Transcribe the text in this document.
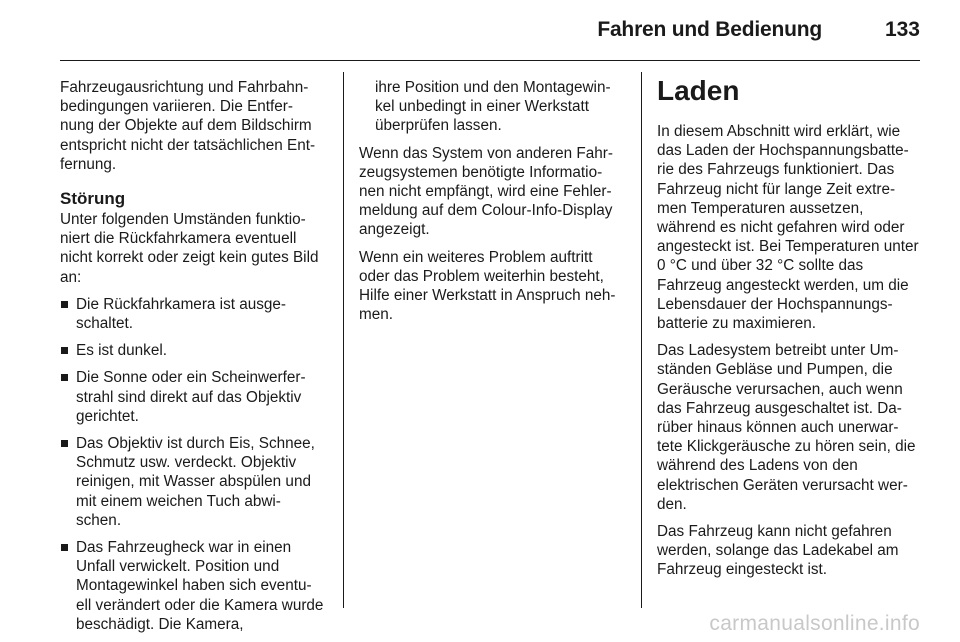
Fahren und Bedienung	133

Fahrzeugausrichtung und Fahrbahn- bedingungen variieren. Die Entfer- nung der Objekte auf dem Bildschirm entspricht nicht der tatsächlichen Ent- fernung.

Störung

Unter folgenden Umständen funktio- niert die Rückfahrkamera eventuell nicht korrekt oder zeigt kein gutes Bild an:

Die Rückfahrkamera ist ausge- schaltet.
Es ist dunkel.
Die Sonne oder ein Scheinwerfer- strahl sind direkt auf das Objektiv gerichtet.
Das Objektiv ist durch Eis, Schnee, Schmutz usw. verdeckt. Objektiv reinigen, mit Wasser abspülen und mit einem weichen Tuch abwi- schen.
Das Fahrzeugheck war in einen Unfall verwickelt. Position und Montagewinkel haben sich eventu- ell verändert oder die Kamera wurde beschädigt. Die Kamera,

ihre Position und den Montagewin- kel unbedingt in einer Werkstatt überprüfen lassen.

Wenn das System von anderen Fahr- zeugsystemen benötigte Informatio- nen nicht empfängt, wird eine Fehler- meldung auf dem Colour-Info-Display angezeigt.

Wenn ein weiteres Problem auftritt oder das Problem weiterhin besteht, Hilfe einer Werkstatt in Anspruch neh- men.

Laden

In diesem Abschnitt wird erklärt, wie das Laden der Hochspannungsbatte- rie des Fahrzeugs funktioniert. Das Fahrzeug nicht für lange Zeit extre- men Temperaturen aussetzen, während es nicht gefahren wird oder angesteckt ist. Bei Temperaturen unter 0 °C und über 32 °C sollte das Fahrzeug angesteckt werden, um die Lebensdauer der Hochspannungs- batterie zu maximieren.

Das Ladesystem betreibt unter Um- ständen Gebläse und Pumpen, die Geräusche verursachen, auch wenn das Fahrzeug ausgeschaltet ist. Da- rüber hinaus können auch unerwar- tete Klickgeräusche zu hören sein, die während des Ladens von den elektrischen Geräten verursacht wer- den.

Das Fahrzeug kann nicht gefahren werden, solange das Ladekabel am Fahrzeug eingesteckt ist.

carmanualsonline.info
